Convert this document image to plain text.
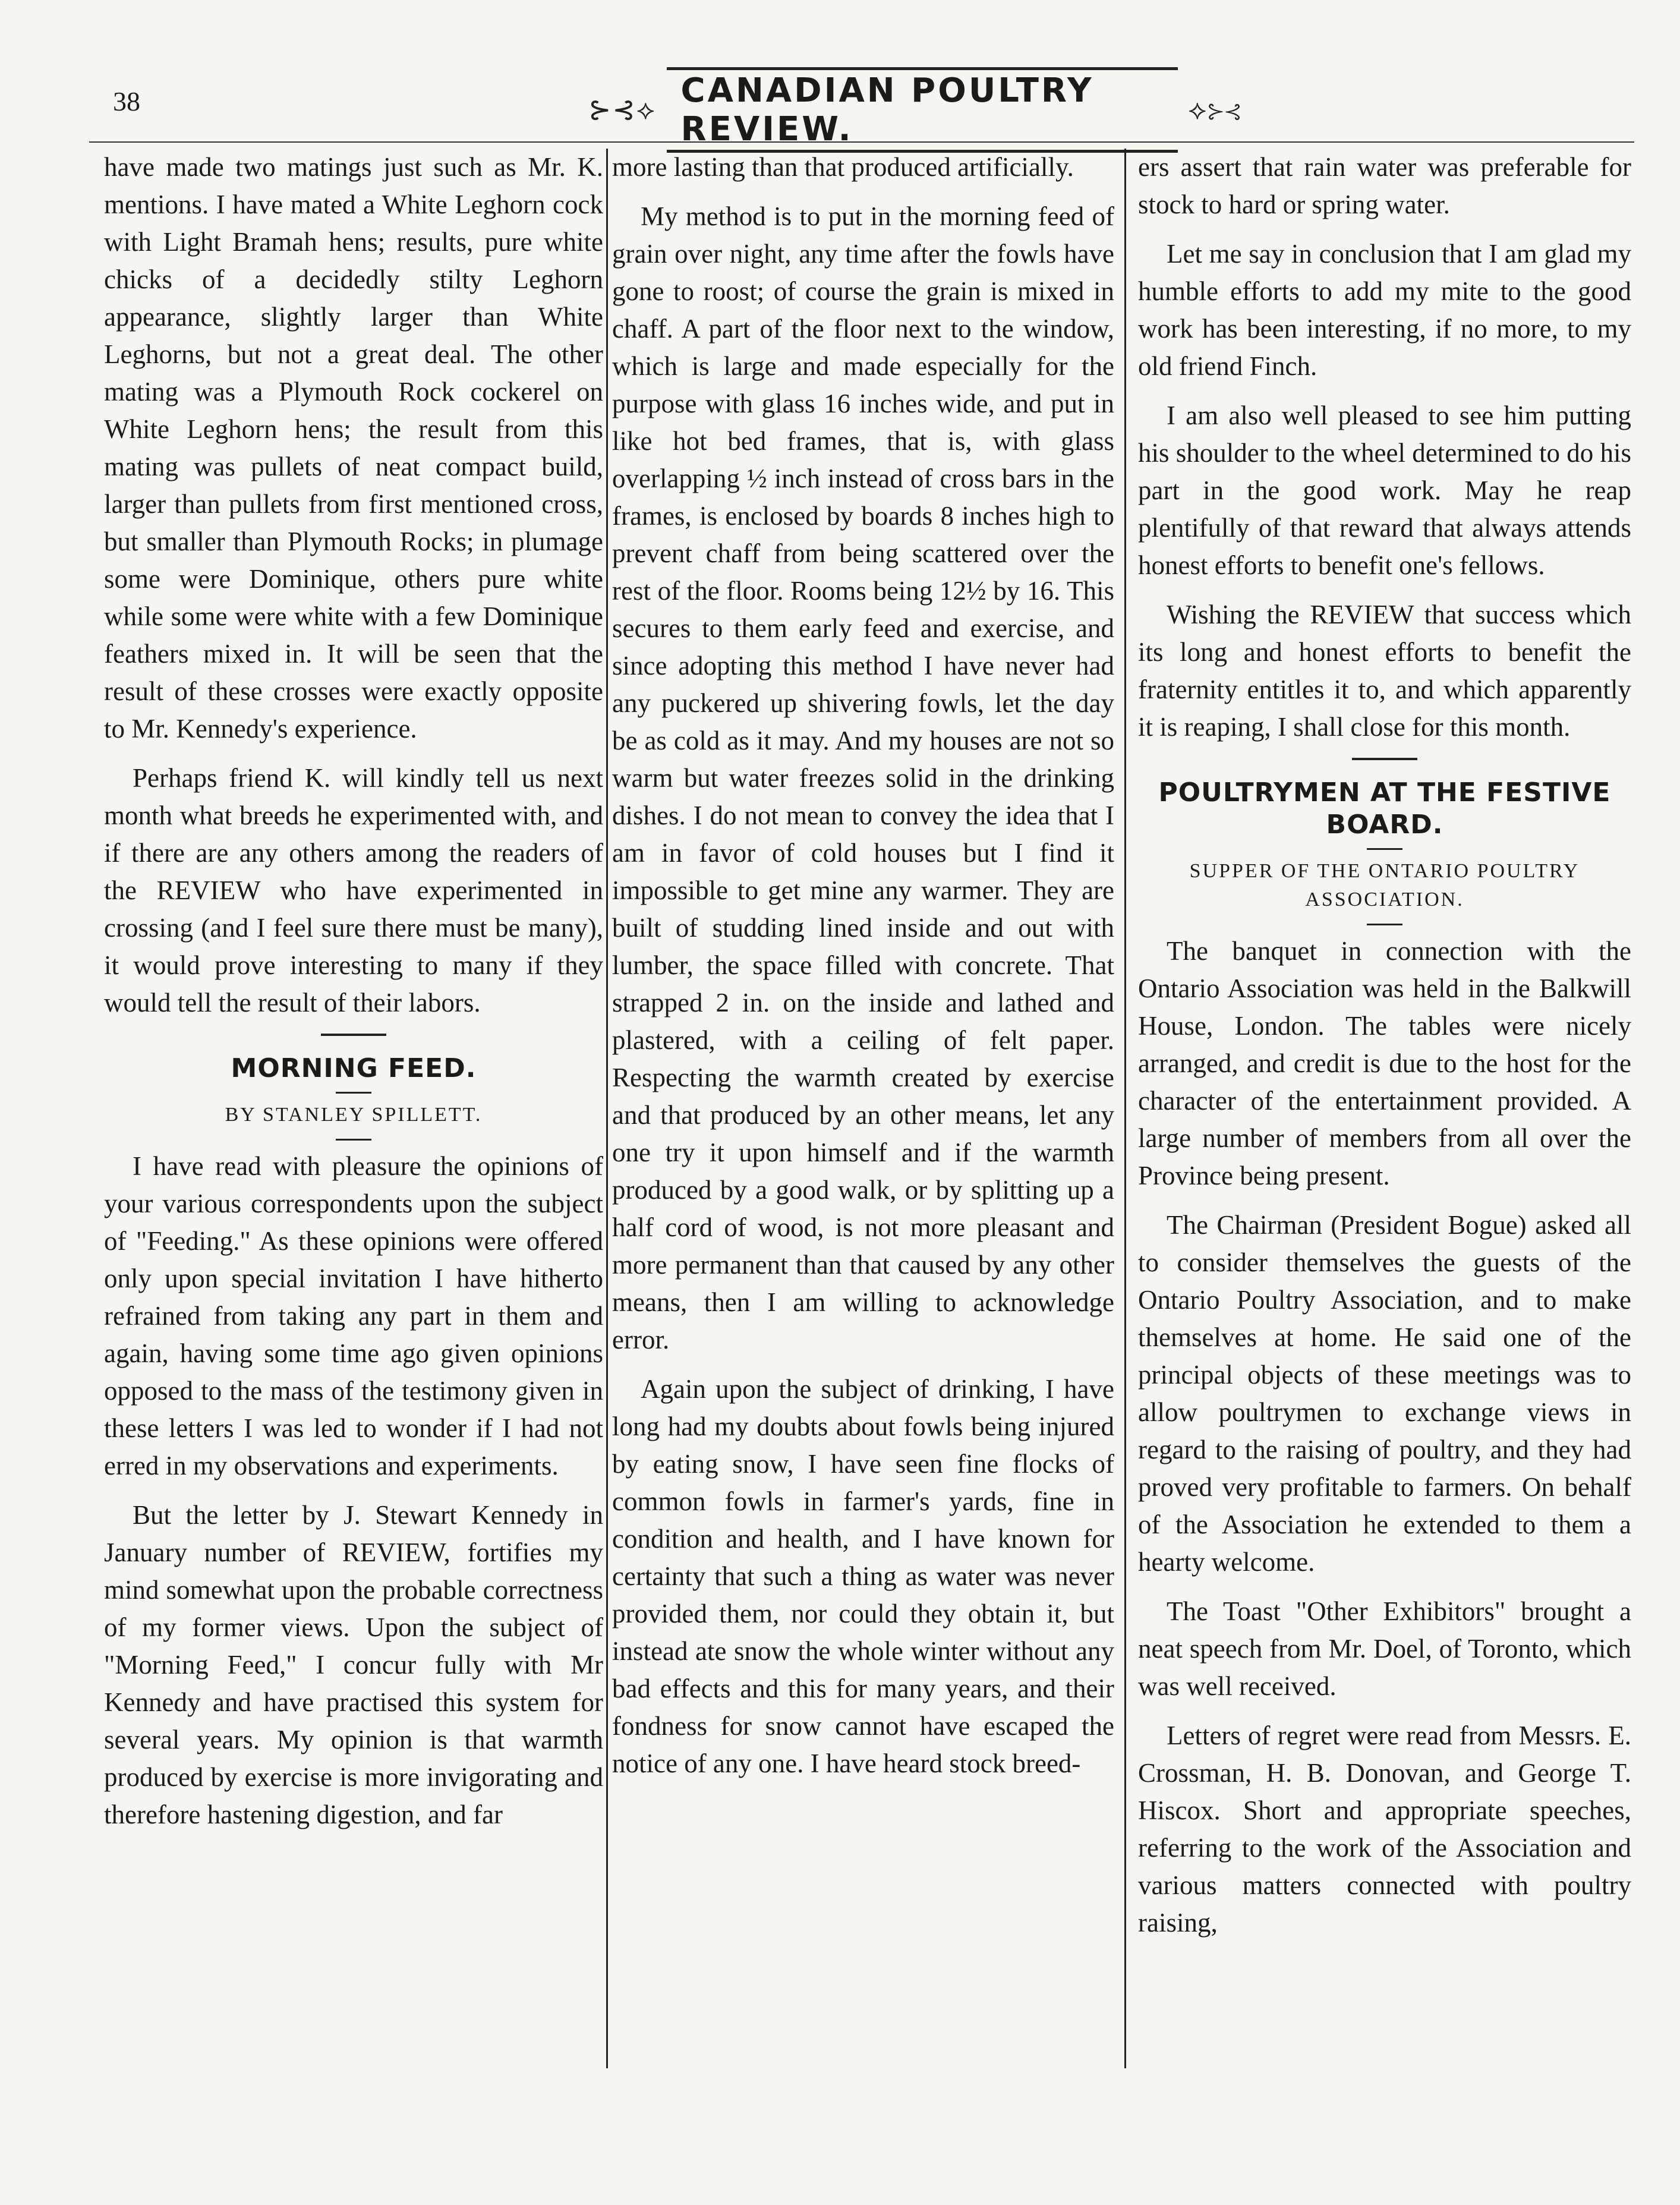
38	⊱⊰⟡ CANADIAN POULTRY REVIEW.
⟡⊱⊰

have made two matings just such as Mr. K. mentions. I have mated a White Leghorn cock with Light Bramah hens; results, pure white chicks of a decidedly stilty Leghorn appearance, slightly larger than White Leghorns, but not a great deal. The other mating was a Plymouth Rock cockerel on White Leghorn hens; the result from this mating was pullets of neat compact build, larger than pullets from first mentioned cross, but smaller than Plymouth Rocks; in plumage some were Dominique, others pure white while some were white with a few Dominique feathers mixed in. It will be seen that the result of these crosses were exactly opposite to Mr. Kennedy's experience.

Perhaps friend K. will kindly tell us next month what breeds he experimented with, and if there are any others among the readers of the REVIEW who have experimented in crossing (and I feel sure there must be many), it would prove interesting to many if they would tell the result of their labors.

MORNING FEED.
BY STANLEY SPILLETT.

I have read with pleasure the opinions of your various correspondents upon the subject of "Feeding." As these opinions were offered only upon special invitation I have hitherto refrained from taking any part in them and again, having some time ago given opinions opposed to the mass of the testimony given in these letters I was led to wonder if I had not erred in my observations and experiments.

But the letter by J. Stewart Kennedy in January number of REVIEW, fortifies my mind somewhat upon the probable correctness of my former views. Upon the subject of "Morning Feed," I concur fully with Mr Kennedy and have practised this system for several years. My opinion is that warmth produced by exercise is more invigorating and therefore hastening digestion, and far

more lasting than that produced artificially.

My method is to put in the morning feed of grain over night, any time after the fowls have gone to roost; of course the grain is mixed in chaff. A part of the floor next to the window, which is large and made especially for the purpose with glass 16 inches wide, and put in like hot bed frames, that is, with glass overlapping ½ inch instead of cross bars in the frames, is enclosed by boards 8 inches high to prevent chaff from being scattered over the rest of the floor. Rooms being 12½ by 16. This secures to them early feed and exercise, and since adopting this method I have never had any puckered up shivering fowls, let the day be as cold as it may. And my houses are not so warm but water freezes solid in the drinking dishes. I do not mean to convey the idea that I am in favor of cold houses but I find it impossible to get mine any warmer. They are built of studding lined inside and out with lumber, the space filled with concrete. That strapped 2 in. on the inside and lathed and plastered, with a ceiling of felt paper. Respecting the warmth created by exercise and that produced by an other means, let any one try it upon himself and if the warmth produced by a good walk, or by splitting up a half cord of wood, is not more pleasant and more permanent than that caused by any other means, then I am willing to acknowledge error.

Again upon the subject of drinking, I have long had my doubts about fowls being injured by eating snow, I have seen fine flocks of common fowls in farmer's yards, fine in condition and health, and I have known for certainty that such a thing as water was never provided them, nor could they obtain it, but instead ate snow the whole winter without any bad effects and this for many years, and their fondness for snow cannot have escaped the notice of any one. I have heard stock breed-

ers assert that rain water was preferable for stock to hard or spring water.

Let me say in conclusion that I am glad my humble efforts to add my mite to the good work has been interesting, if no more, to my old friend Finch.

I am also well pleased to see him putting his shoulder to the wheel determined to do his part in the good work. May he reap plentifully of that reward that always attends honest efforts to benefit one's fellows.

Wishing the REVIEW that success which its long and honest efforts to benefit the fraternity entitles it to, and which apparently it is reaping, I shall close for this month.

POULTRYMEN AT THE FESTIVE BOARD.
SUPPER OF THE ONTARIO POULTRY ASSOCIATION.

The banquet in connection with the Ontario Association was held in the Balkwill House, London. The tables were nicely arranged, and credit is due to the host for the character of the entertainment provided. A large number of members from all over the Province being present.

The Chairman (President Bogue) asked all to consider themselves the guests of the Ontario Poultry Association, and to make themselves at home. He said one of the principal objects of these meetings was to allow poultrymen to exchange views in regard to the raising of poultry, and they had proved very profitable to farmers. On behalf of the Association he extended to them a hearty welcome.

The Toast "Other Exhibitors" brought a neat speech from Mr. Doel, of Toronto, which was well received.

Letters of regret were read from Messrs. E. Crossman, H. B. Donovan, and George T. Hiscox. Short and appropriate speeches, referring to the work of the Association and various matters connected with poultry raising,
